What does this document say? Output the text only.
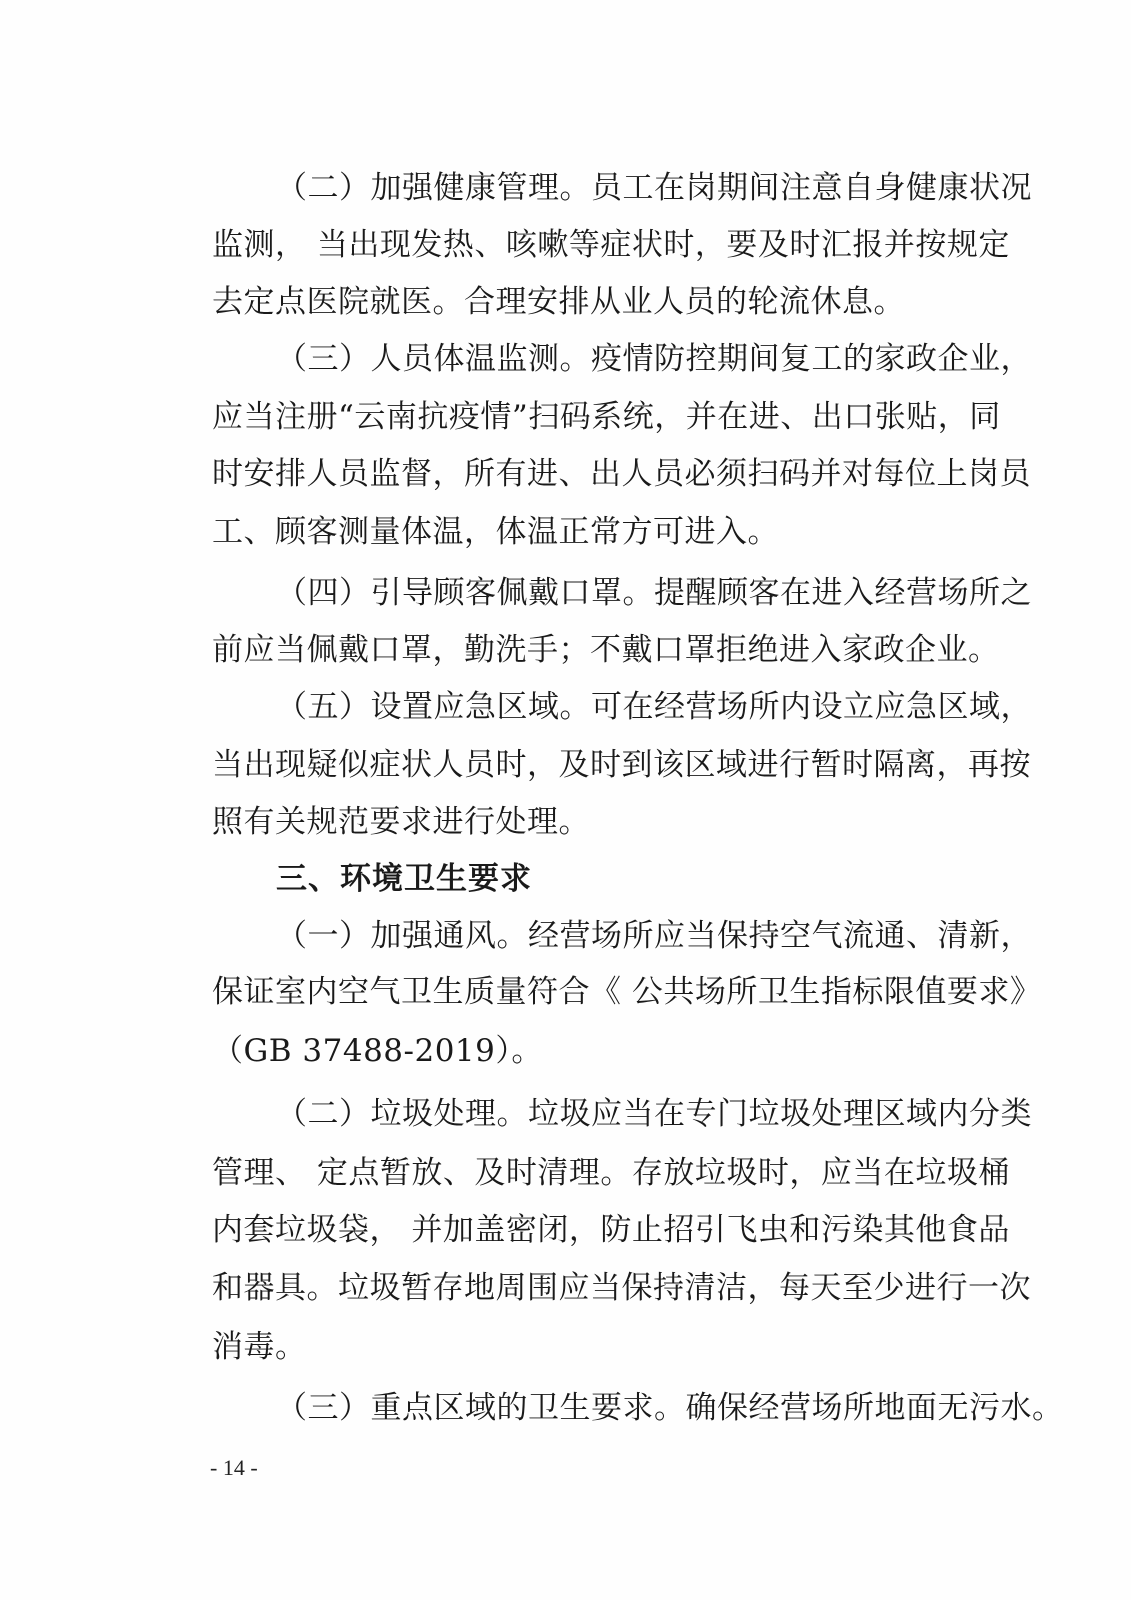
（二）加强健康管理。员工在岗期间注意自身健康状况
监测， 当出现发热、咳嗽等症状时，要及时汇报并按规定
去定点医院就医。合理安排从业人员的轮流休息。
（三）人员体温监测。疫情防控期间复工的家政企业，
应当注册“云南抗疫情”扫码系统，并在进、出口张贴，同
时安排人员监督，所有进、出人员必须扫码并对每位上岗员
工、顾客测量体温，体温正常方可进入。
（四）引导顾客佩戴口罩。提醒顾客在进入经营场所之
前应当佩戴口罩，勤洗手；不戴口罩拒绝进入家政企业。
（五）设置应急区域。可在经营场所内设立应急区域，
当出现疑似症状人员时，及时到该区域进行暂时隔离，再按
照有关规范要求进行处理。
三、环境卫生要求
（一）加强通风。经营场所应当保持空气流通、清新，
保证室内空气卫生质量符合《 公共场所卫生指标限值要求》
（GB 37488-2019）。
（二）垃圾处理。垃圾应当在专门垃圾处理区域内分类
管理、 定点暂放、及时清理。存放垃圾时，应当在垃圾桶
内套垃圾袋， 并加盖密闭，防止招引飞虫和污染其他食品
和器具。垃圾暂存地周围应当保持清洁，每天至少进行一次
消毒。
（三）重点区域的卫生要求。确保经营场所地面无污水。
- 14 -
